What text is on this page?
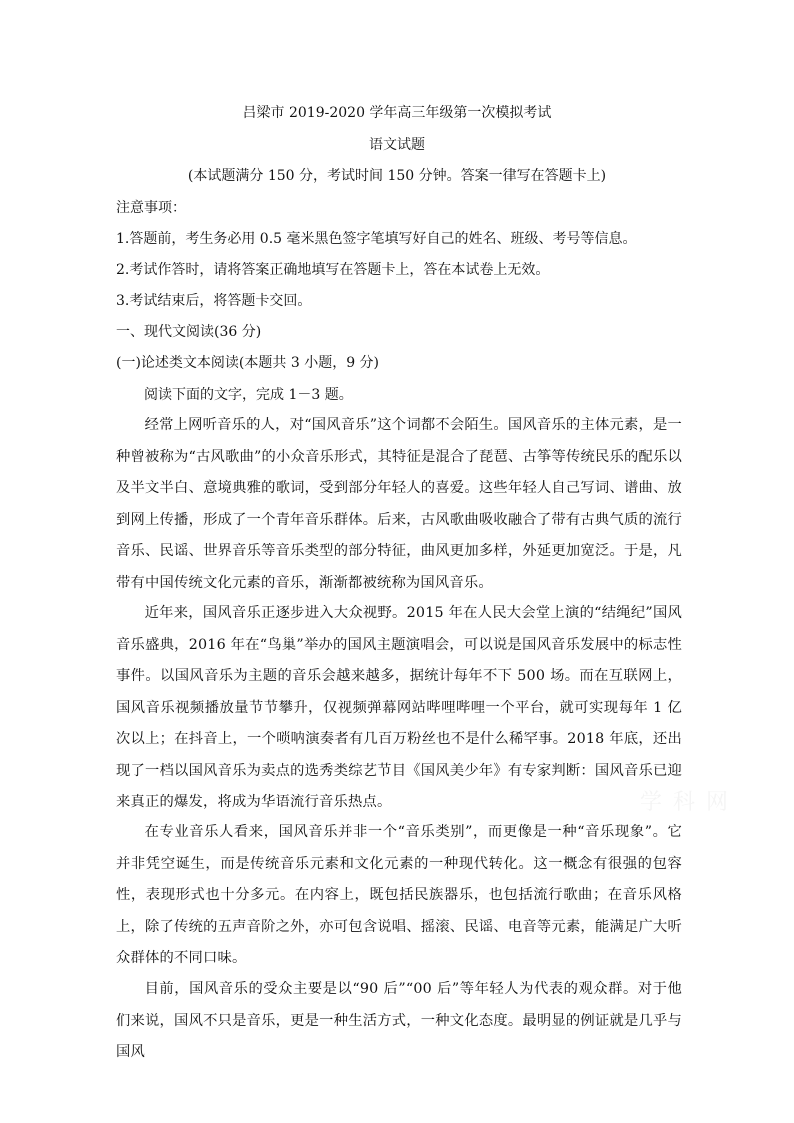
吕梁市 2019-2020 学年高三年级第一次模拟考试

语文试题

(本试题满分 150 分，考试时间 150 分钟。答案一律写在答题卡上)

注意事项：

1.答题前，考生务必用 0.5 毫米黑色签字笔填写好自己的姓名、班级、考号等信息。

2.考试作答时，请将答案正确地填写在答题卡上，答在本试卷上无效。

3.考试结束后，将答题卡交回。

一、现代文阅读(36 分)

(一)论述类文本阅读(本题共 3 小题，9 分)

阅读下面的文字，完成 1－3 题。

经常上网听音乐的人，对“国风音乐”这个词都不会陌生。国风音乐的主体元素，是一种曾被称为“古风歌曲”的小众音乐形式，其特征是混合了琵琶、古筝等传统民乐的配乐以及半文半白、意境典雅的歌词，受到部分年轻人的喜爱。这些年轻人自己写词、谱曲、放到网上传播，形成了一个青年音乐群体。后来，古风歌曲吸收融合了带有古典气质的流行音乐、民谣、世界音乐等音乐类型的部分特征，曲风更加多样，外延更加宽泛。于是，凡带有中国传统文化元素的音乐，渐渐都被统称为国风音乐。

近年来，国风音乐正逐步进入大众视野。2015 年在人民大会堂上演的“结绳纪”国风音乐盛典，2016 年在“鸟巢”举办的国风主题演唱会，可以说是国风音乐发展中的标志性事件。以国风音乐为主题的音乐会越来越多，据统计每年不下 500 场。而在互联网上，国风音乐视频播放量节节攀升，仅视频弹幕网站哔哩哔哩一个平台，就可实现每年 1 亿次以上；在抖音上，一个唢呐演奏者有几百万粉丝也不是什么稀罕事。2018 年底，还出现了一档以国风音乐为卖点的选秀类综艺节目《国风美少年》有专家判断：国风音乐已迎来真正的爆发，将成为华语流行音乐热点。

在专业音乐人看来，国风音乐并非一个“音乐类别”，而更像是一种“音乐现象”。它并非凭空诞生，而是传统音乐元素和文化元素的一种现代转化。这一概念有很强的包容性，表现形式也十分多元。在内容上，既包括民族器乐，也包括流行歌曲；在音乐风格上，除了传统的五声音阶之外，亦可包含说唱、摇滚、民谣、电音等元素，能满足广大听众群体的不同口味。

目前，国风音乐的受众主要是以“90 后”“00 后”等年轻人为代表的观众群。对于他们来说，国风不只是音乐，更是一种生活方式，一种文化态度。最明显的例证就是几乎与国风

学 科 网
